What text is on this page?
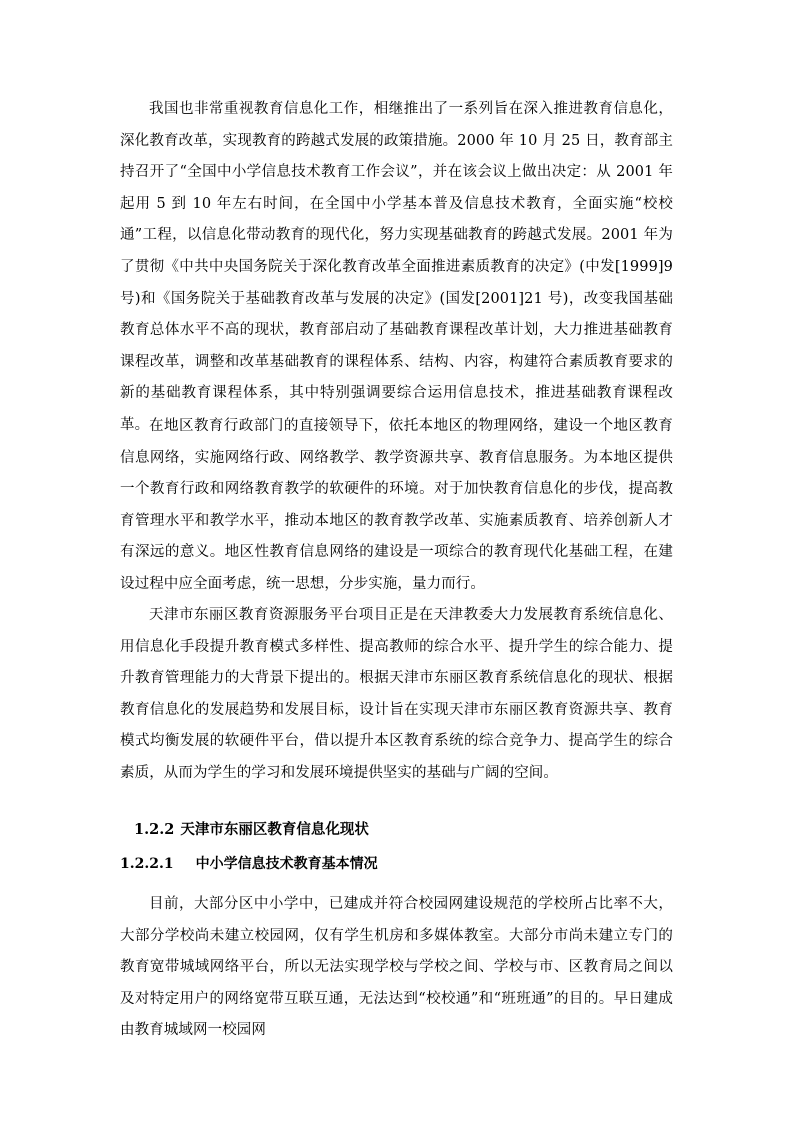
我国也非常重视教育信息化工作，相继推出了一系列旨在深入推进教育信息化，深化教育改革，实现教育的跨越式发展的政策措施。2000 年 10 月 25 日，教育部主持召开了“全国中小学信息技术教育工作会议”，并在该会议上做出决定：从 2001 年起用 5 到 10 年左右时间，在全国中小学基本普及信息技术教育，全面实施“校校通”工程，以信息化带动教育的现代化，努力实现基础教育的跨越式发展。2001 年为了贯彻《中共中央国务院关于深化教育改革全面推进素质教育的决定》(中发[1999]9 号)和《国务院关于基础教育改革与发展的决定》(国发[2001]21 号)，改变我国基础教育总体水平不高的现状，教育部启动了基础教育课程改革计划，大力推进基础教育课程改革，调整和改革基础教育的课程体系、结构、内容，构建符合素质教育要求的新的基础教育课程体系，其中特别强调要综合运用信息技术，推进基础教育课程改革。 在地区教育行政部门的直接领导下，依托本地区的物理网络，建设一个地区教育信息网络，实施网络行政、网络教学、教学资源共享、教育信息服务。为本地区提供一个教育行政和网络教育教学的软硬件的环境。对于加快教育信息化的步伐，提高教育管理水平和教学水平，推动本地区的教育教学改革、实施素质教育、培养创新人才有深远的意义。地区性教育信息网络的建设是一项综合的教育现代化基础工程，在建设过程中应全面考虑，统一思想，分步实施，量力而行。

天津市东丽区教育资源服务平台项目正是在天津教委大力发展教育系统信息化、用信息化手段提升教育模式多样性、提高教师的综合水平、提升学生的综合能力、提升教育管理能力的大背景下提出的。根据天津市东丽区教育系统信息化的现状、根据教育信息化的发展趋势和发展目标，设计旨在实现天津市东丽区教育资源共享、教育模式均衡发展的软硬件平台，借以提升本区教育系统的综合竞争力、提高学生的综合素质，从而为学生的学习和发展环境提供坚实的基础与广阔的空间。

1.2.2 天津市东丽区教育信息化现状
1.2.2.1 中小学信息技术教育基本情况

目前，大部分区中小学中，已建成并符合校园网建设规范的学校所占比率不大，大部分学校尚未建立校园网，仅有学生机房和多媒体教室。大部分市尚未建立专门的教育宽带城域网络平台，所以无法实现学校与学校之间、学校与市、区教育局之间以及对特定用户的网络宽带互联互通，无法达到“校校通”和“班班通”的目的。早日建成由教育城域网一校园网
